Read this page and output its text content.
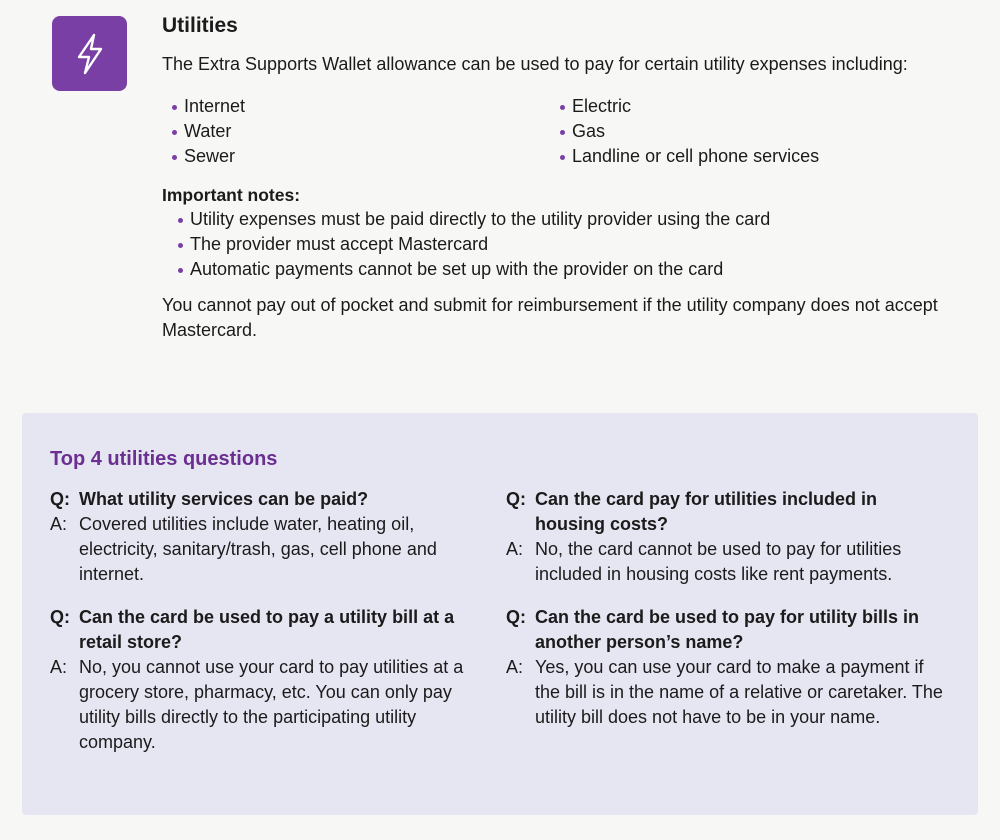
Utilities
The Extra Supports Wallet allowance can be used to pay for certain utility expenses including:
Internet
Water
Sewer
Electric
Gas
Landline or cell phone services
Important notes:
Utility expenses must be paid directly to the utility provider using the card
The provider must accept Mastercard
Automatic payments cannot be set up with the provider on the card
You cannot pay out of pocket and submit for reimbursement if the utility company does not accept Mastercard.
Top 4 utilities questions
Q: What utility services can be paid?
A: Covered utilities include water, heating oil, electricity, sanitary/trash, gas, cell phone and internet.
Q: Can the card be used to pay a utility bill at a retail store?
A: No, you cannot use your card to pay utilities at a grocery store, pharmacy, etc. You can only pay utility bills directly to the participating utility company.
Q: Can the card pay for utilities included in housing costs?
A: No, the card cannot be used to pay for utilities included in housing costs like rent payments.
Q: Can the card be used to pay for utility bills in another person’s name?
A: Yes, you can use your card to make a payment if the bill is in the name of a relative or caretaker. The utility bill does not have to be in your name.
